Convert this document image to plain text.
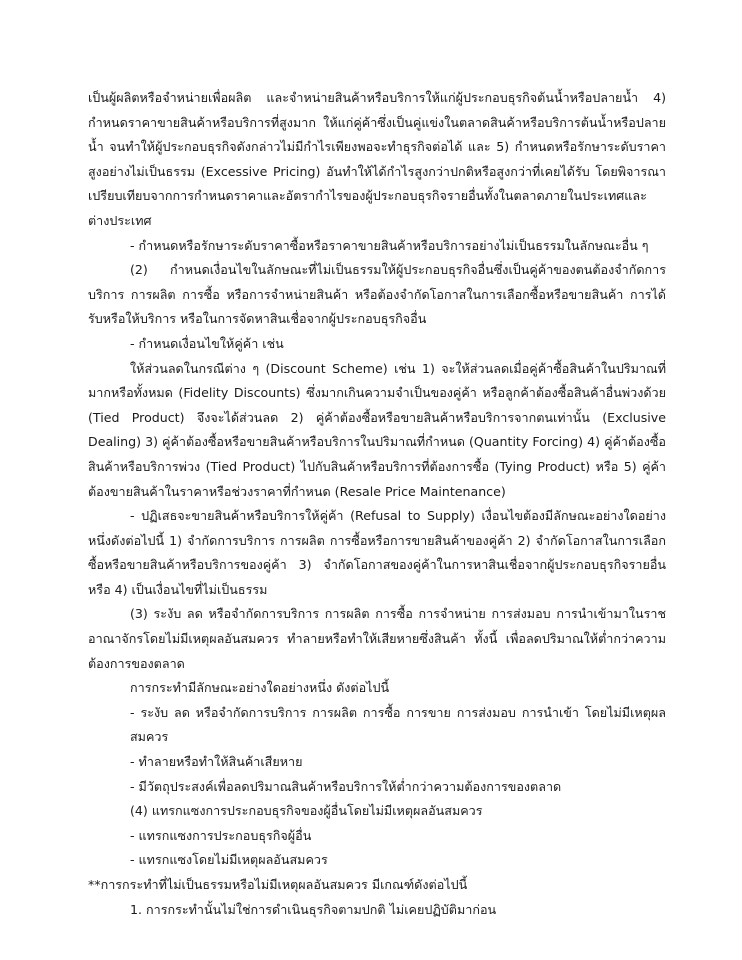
เป็นผู้ผลิตหรือจำหน่ายเพื่อผลิต และจำหน่ายสินค้าหรือบริการให้แก่ผู้ประกอบธุรกิจต้นน้ำหรือปลายน้ำ 4) กำหนดราคาขายสินค้าหรือบริการที่สูงมาก ให้แก่คู่ค้าซึ่งเป็นคู่แข่งในตลาดสินค้าหรือบริการต้นน้ำหรือปลายน้ำ จนทำให้ผู้ประกอบธุรกิจดังกล่าวไม่มีกำไรเพียงพอจะทำธุรกิจต่อได้ และ 5) กำหนดหรือรักษาระดับราคาสูงอย่างไม่เป็นธรรม (Excessive Pricing) อันทำให้ได้กำไรสูงกว่าปกติหรือสูงกว่าที่เคยได้รับ โดยพิจารณาเปรียบเทียบจากการกำหนดราคาและอัตรากำไรของผู้ประกอบธุรกิจรายอื่นทั้งในตลาดภายในประเทศและต่างประเทศ

- กำหนดหรือรักษาระดับราคาซื้อหรือราคาขายสินค้าหรือบริการอย่างไม่เป็นธรรมในลักษณะอื่น ๆ

(2) กำหนดเงื่อนไขในลักษณะที่ไม่เป็นธรรมให้ผู้ประกอบธุรกิจอื่นซึ่งเป็นคู่ค้าของตนต้องจำกัดการบริการ การผลิต การซื้อ หรือการจำหน่ายสินค้า หรือต้องจำกัดโอกาสในการเลือกซื้อหรือขายสินค้า การได้รับหรือให้บริการ หรือในการจัดหาสินเชื่อจากผู้ประกอบธุรกิจอื่น

- กำหนดเงื่อนไขให้คู่ค้า เช่น

ให้ส่วนลดในกรณีต่าง ๆ (Discount Scheme) เช่น 1) จะให้ส่วนลดเมื่อคู่ค้าซื้อสินค้าในปริมาณที่มากหรือทั้งหมด (Fidelity Discounts) ซึ่งมากเกินความจำเป็นของคู่ค้า หรือลูกค้าต้องซื้อสินค้าอื่นพ่วงด้วย (Tied Product) จึงจะได้ส่วนลด 2) คู่ค้าต้องซื้อหรือขายสินค้าหรือบริการจากตนเท่านั้น (Exclusive Dealing) 3) คู่ค้าต้องซื้อหรือขายสินค้าหรือบริการในปริมาณที่กำหนด (Quantity Forcing) 4) คู่ค้าต้องซื้อสินค้าหรือบริการพ่วง (Tied Product) ไปกับสินค้าหรือบริการที่ต้องการซื้อ (Tying Product) หรือ 5) คู่ค้าต้องขายสินค้าในราคาหรือช่วงราคาที่กำหนด (Resale Price Maintenance)

- ปฏิเสธจะขายสินค้าหรือบริการให้คู่ค้า (Refusal to Supply) เงื่อนไขต้องมีลักษณะอย่างใดอย่างหนึ่งดังต่อไปนี้ 1) จำกัดการบริการ การผลิต การซื้อหรือการขายสินค้าของคู่ค้า 2) จำกัดโอกาสในการเลือกซื้อหรือขายสินค้าหรือบริการของคู่ค้า 3) จำกัดโอกาสของคู่ค้าในการหาสินเชื่อจากผู้ประกอบธุรกิจรายอื่น หรือ 4) เป็นเงื่อนไขที่ไม่เป็นธรรม

(3) ระงับ ลด หรือจำกัดการบริการ การผลิต การซื้อ การจำหน่าย การส่งมอบ การนำเข้ามาในราชอาณาจักรโดยไม่มีเหตุผลอันสมควร ทำลายหรือทำให้เสียหายซึ่งสินค้า ทั้งนี้ เพื่อลดปริมาณให้ต่ำกว่าความต้องการของตลาด

การกระทำมีลักษณะอย่างใดอย่างหนึ่ง ดังต่อไปนี้

- ระงับ ลด หรือจำกัดการบริการ การผลิต การซื้อ การขาย การส่งมอบ การนำเข้า โดยไม่มีเหตุผลสมควร

- ทำลายหรือทำให้สินค้าเสียหาย

- มีวัตถุประสงค์เพื่อลดปริมาณสินค้าหรือบริการให้ต่ำกว่าความต้องการของตลาด

(4) แทรกแซงการประกอบธุรกิจของผู้อื่นโดยไม่มีเหตุผลอันสมควร

- แทรกแซงการประกอบธุรกิจผู้อื่น

- แทรกแซงโดยไม่มีเหตุผลอันสมควร

**การกระทำที่ไม่เป็นธรรมหรือไม่มีเหตุผลอันสมควร มีเกณฑ์ดังต่อไปนี้

1. การกระทำนั้นไม่ใช่การดำเนินธุรกิจตามปกติ ไม่เคยปฏิบัติมาก่อน
